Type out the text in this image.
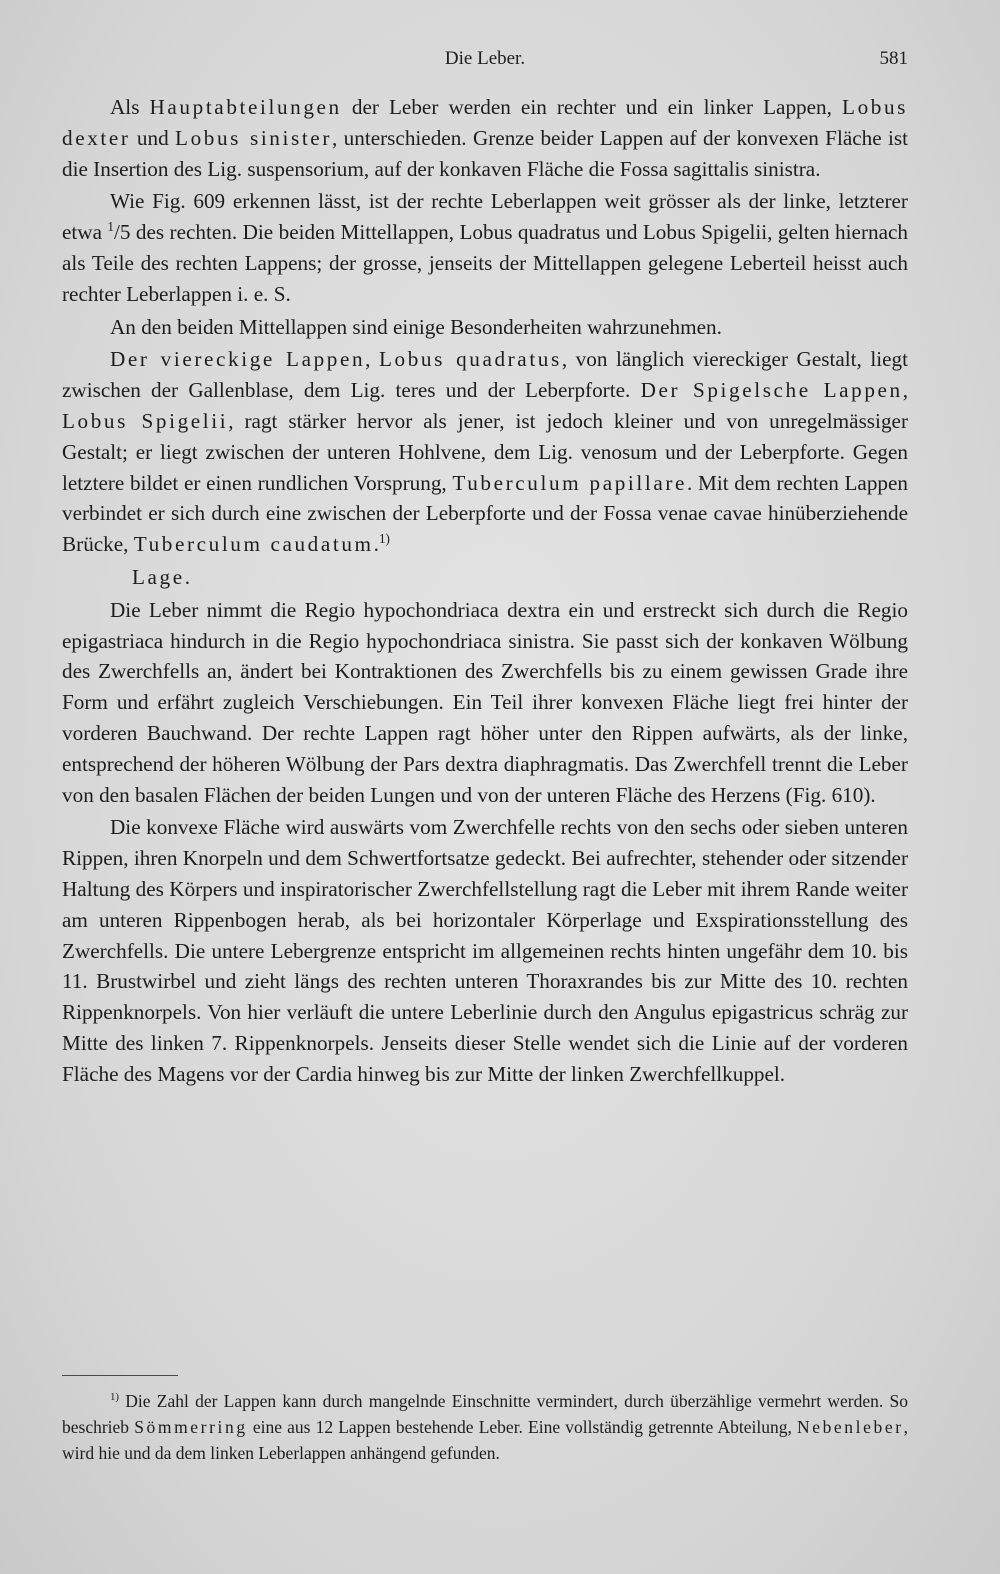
Die Leber.	581

Als Hauptabteilungen der Leber werden ein rechter und ein linker Lappen, Lobus dexter und Lobus sinister, unterschieden. Grenze beider Lappen auf der konvexen Fläche ist die Insertion des Lig. suspensorium, auf der konkaven Fläche die Fossa sagittalis sinistra.

Wie Fig. 609 erkennen lässt, ist der rechte Leberlappen weit grösser als der linke, letzterer etwa $^1$/5 des rechten. Die beiden Mittellappen, Lobus quadratus und Lobus Spigelii, gelten hiernach als Teile des rechten Lappens; der grosse, jenseits der Mittellappen gelegene Leberteil heisst auch rechter Leberlappen i. e. S.

An den beiden Mittellappen sind einige Besonderheiten wahrzunehmen.

Der viereckige Lappen, Lobus quadratus, von länglich viereckiger Gestalt, liegt zwischen der Gallenblase, dem Lig. teres und der Leberpforte. Der Spigelsche Lappen, Lobus Spigelii, ragt stärker hervor als jener, ist jedoch kleiner und von unregelmässiger Gestalt; er liegt zwischen der unteren Hohlvene, dem Lig. venosum und der Leberpforte. Gegen letztere bildet er einen rundlichen Vorsprung, Tuberculum papillare. Mit dem rechten Lappen verbindet er sich durch eine zwischen der Leberpforte und der Fossa venae cavae hinüberziehende Brücke, Tuberculum caudatum.$^{1)}$

Lage.

Die Leber nimmt die Regio hypochondriaca dextra ein und erstreckt sich durch die Regio epigastriaca hindurch in die Regio hypochondriaca sinistra. Sie passt sich der konkaven Wölbung des Zwerchfells an, ändert bei Kontraktionen des Zwerchfells bis zu einem gewissen Grade ihre Form und erfährt zugleich Verschiebungen. Ein Teil ihrer konvexen Fläche liegt frei hinter der vorderen Bauchwand. Der rechte Lappen ragt höher unter den Rippen aufwärts, als der linke, entsprechend der höheren Wölbung der Pars dextra diaphragmatis. Das Zwerchfell trennt die Leber von den basalen Flächen der beiden Lungen und von der unteren Fläche des Herzens (Fig. 610).

Die konvexe Fläche wird auswärts vom Zwerchfelle rechts von den sechs oder sieben unteren Rippen, ihren Knorpeln und dem Schwertfortsatze gedeckt. Bei aufrechter, stehender oder sitzender Haltung des Körpers und inspiratorischer Zwerchfellstellung ragt die Leber mit ihrem Rande weiter am unteren Rippenbogen herab, als bei horizontaler Körperlage und Exspirationsstellung des Zwerchfells. Die untere Lebergrenze entspricht im allgemeinen rechts hinten ungefähr dem 10. bis 11. Brustwirbel und zieht längs des rechten unteren Thoraxrandes bis zur Mitte des 10. rechten Rippenknorpels. Von hier verläuft die untere Leberlinie durch den Angulus epigastricus schräg zur Mitte des linken 7. Rippenknorpels. Jenseits dieser Stelle wendet sich die Linie auf der vorderen Fläche des Magens vor der Cardia hinweg bis zur Mitte der linken Zwerchfellkuppel.

$^{1)}$ Die Zahl der Lappen kann durch mangelnde Einschnitte vermindert, durch überzählige vermehrt werden. So beschrieb Sömmerring eine aus 12 Lappen bestehende Leber. Eine vollständig getrennte Abteilung, Nebenleber, wird hie und da dem linken Leberlappen anhängend gefunden.
